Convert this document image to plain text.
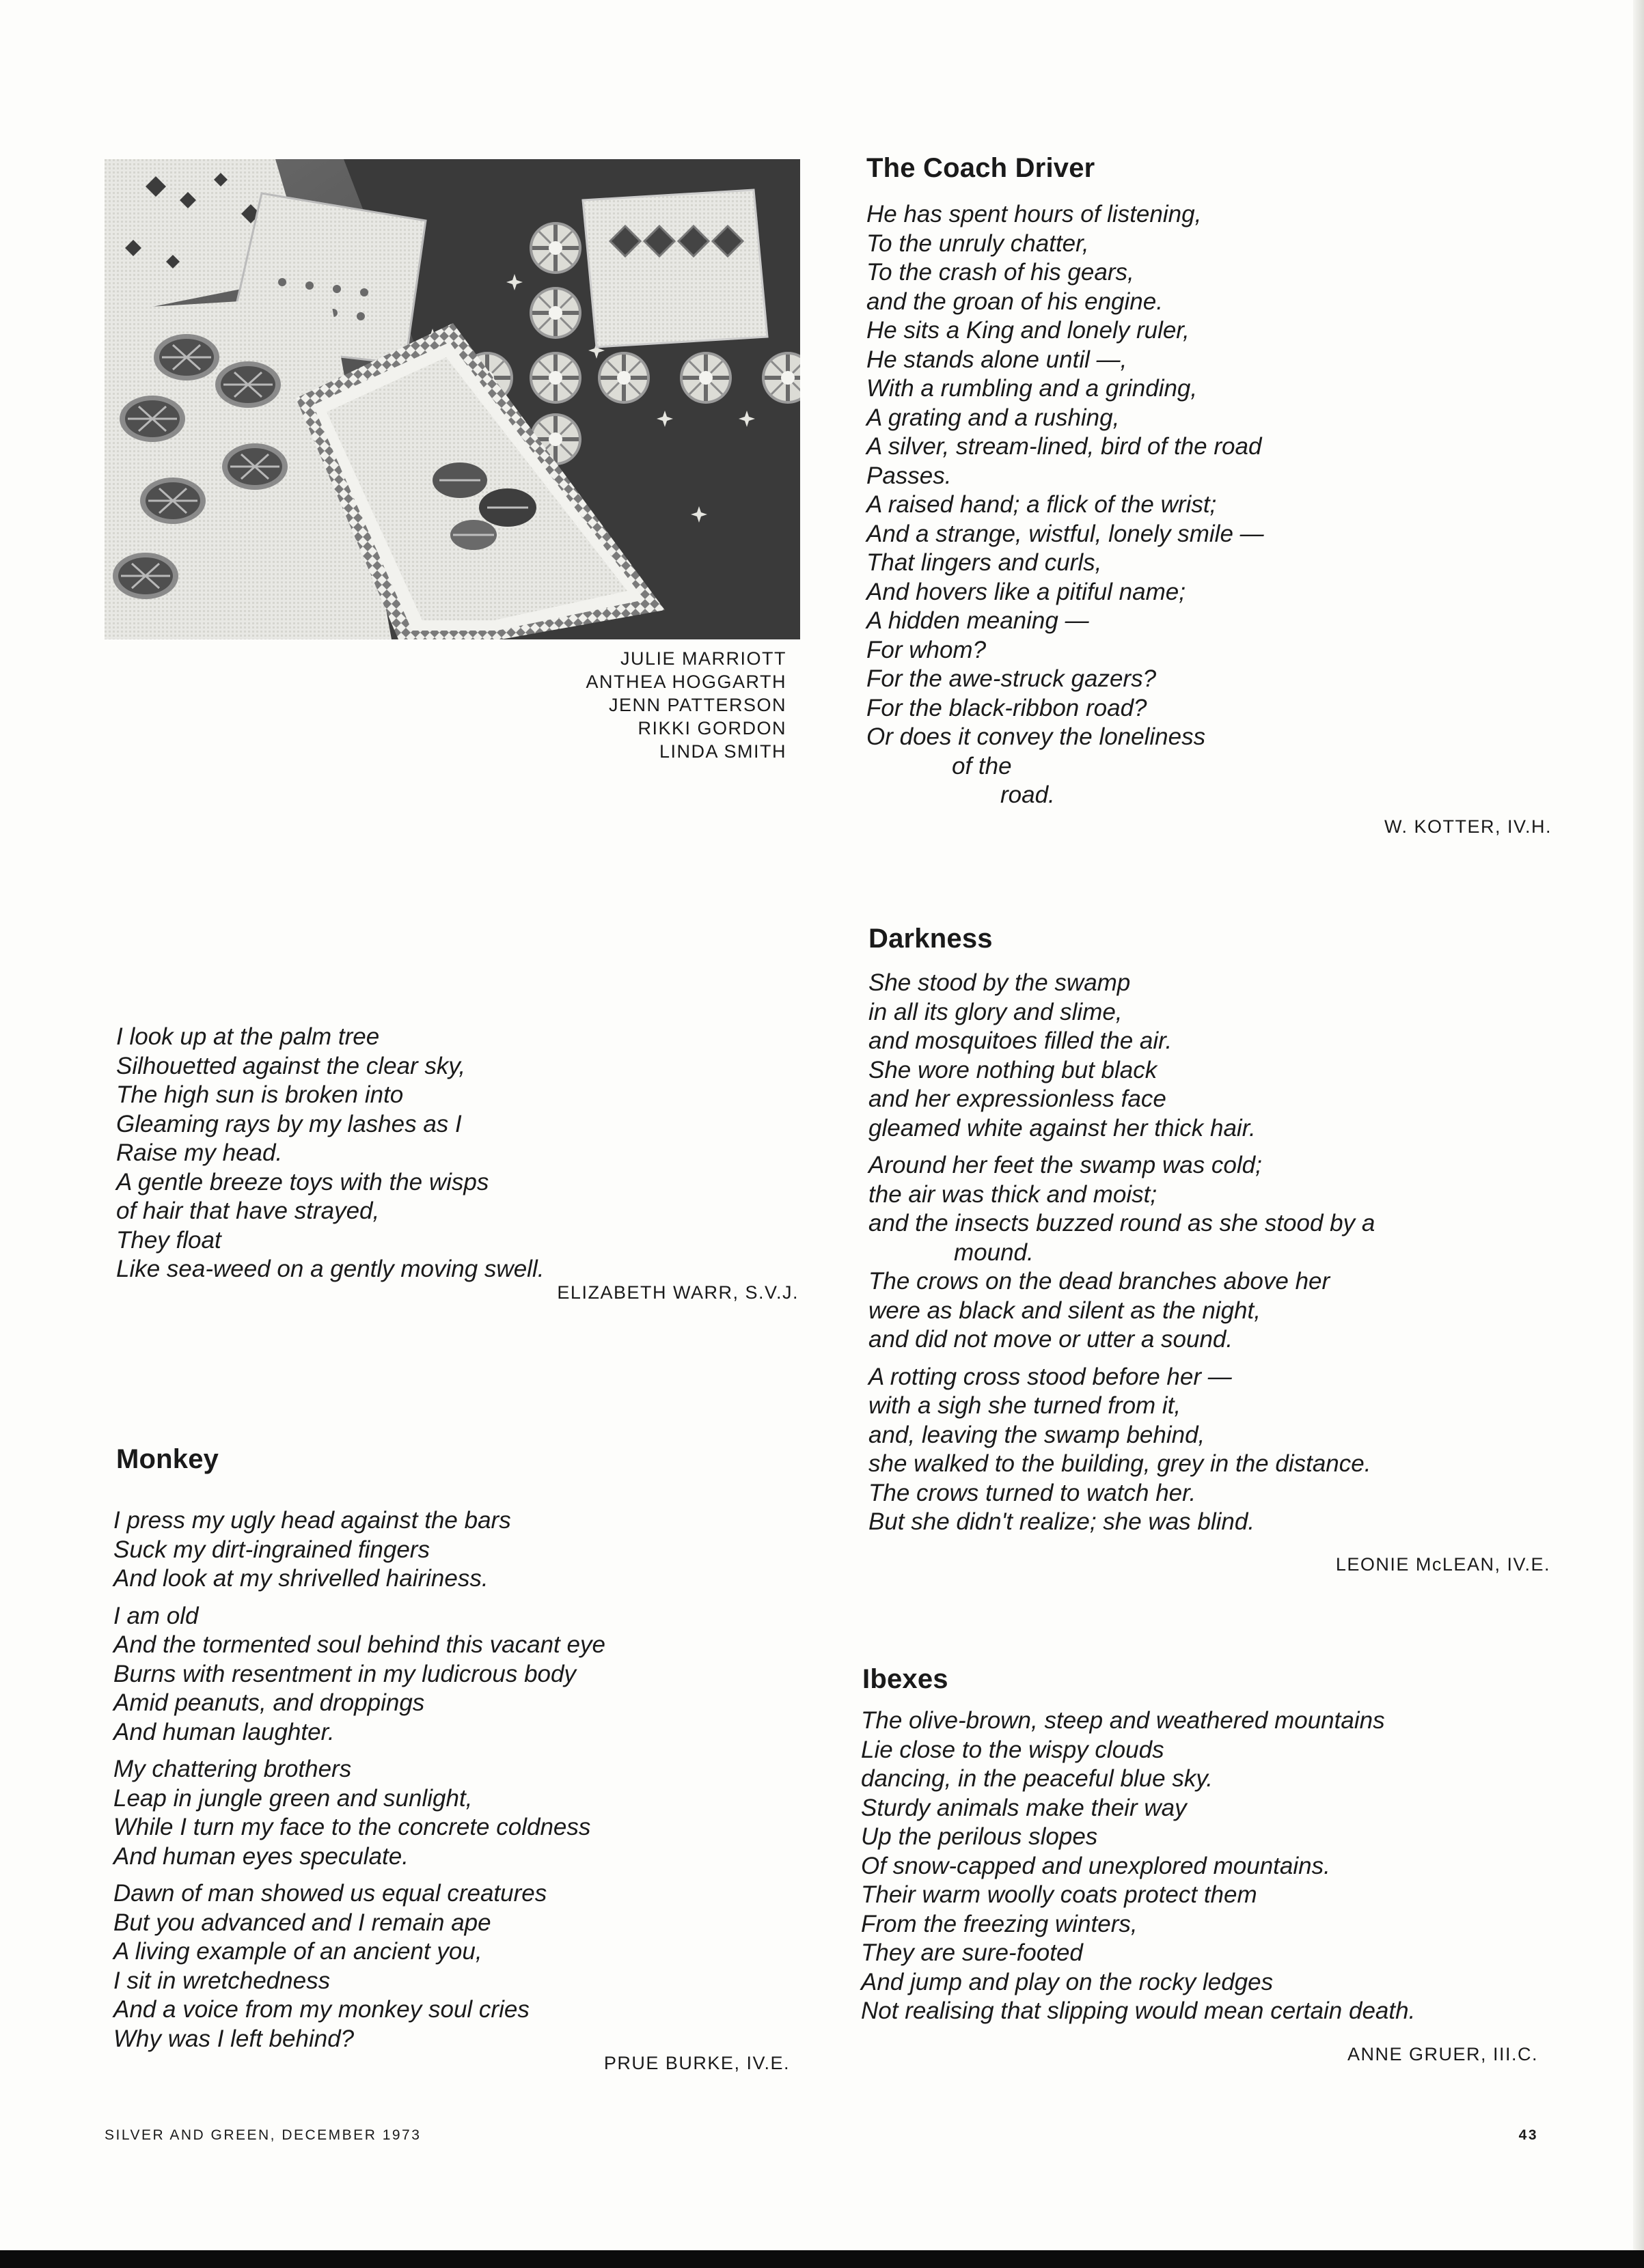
JULIE MARRIOTT
ANTHEA HOGGARTH
JENN PATTERSON
RIKKI GORDON
LINDA SMITH
The Coach Driver
He has spent hours of listening,
To the unruly chatter,
To the crash of his gears,
and the groan of his engine.
He sits a King and lonely ruler,
He stands alone until —,
With a rumbling and a grinding,
A grating and a rushing,
A silver, stream-lined, bird of the road
Passes.
A raised hand; a flick of the wrist;
And a strange, wistful, lonely smile —
That lingers and curls,
And hovers like a pitiful name;
A hidden meaning —
For whom?
For the awe-struck gazers?
For the black-ribbon road?
Or does it convey the loneliness
of the
road.
W. KOTTER, IV.H.
I look up at the palm tree
Silhouetted against the clear sky,
The high sun is broken into
Gleaming rays by my lashes as I
Raise my head.
A gentle breeze toys with the wisps
of hair that have strayed,
They float
Like sea-weed on a gently moving swell.
ELIZABETH WARR, S.V.J.
Darkness
She stood by the swamp
in all its glory and slime,
and mosquitoes filled the air.
She wore nothing but black
and her expressionless face
gleamed white against her thick hair.
Around her feet the swamp was cold;
the air was thick and moist;
and the insects buzzed round as she stood by a
mound.
The crows on the dead branches above her
were as black and silent as the night,
and did not move or utter a sound.
A rotting cross stood before her —
with a sigh she turned from it,
and, leaving the swamp behind,
she walked to the building, grey in the distance.
The crows turned to watch her.
But she didn't realize; she was blind.
LEONIE McLEAN, IV.E.
Monkey
I press my ugly head against the bars
Suck my dirt-ingrained fingers
And look at my shrivelled hairiness.
I am old
And the tormented soul behind this vacant eye
Burns with resentment in my ludicrous body
Amid peanuts, and droppings
And human laughter.
My chattering brothers
Leap in jungle green and sunlight,
While I turn my face to the concrete coldness
And human eyes speculate.
Dawn of man showed us equal creatures
But you advanced and I remain ape
A living example of an ancient you,
I sit in wretchedness
And a voice from my monkey soul cries
Why was I left behind?
PRUE BURKE, IV.E.
Ibexes
The olive-brown, steep and weathered mountains
Lie close to the wispy clouds
dancing, in the peaceful blue sky.
Sturdy animals make their way
Up the perilous slopes
Of snow-capped and unexplored mountains.
Their warm woolly coats protect them
From the freezing winters,
They are sure-footed
And jump and play on the rocky ledges
Not realising that slipping would mean certain death.
ANNE GRUER, III.C.
SILVER AND GREEN, DECEMBER 1973	43
